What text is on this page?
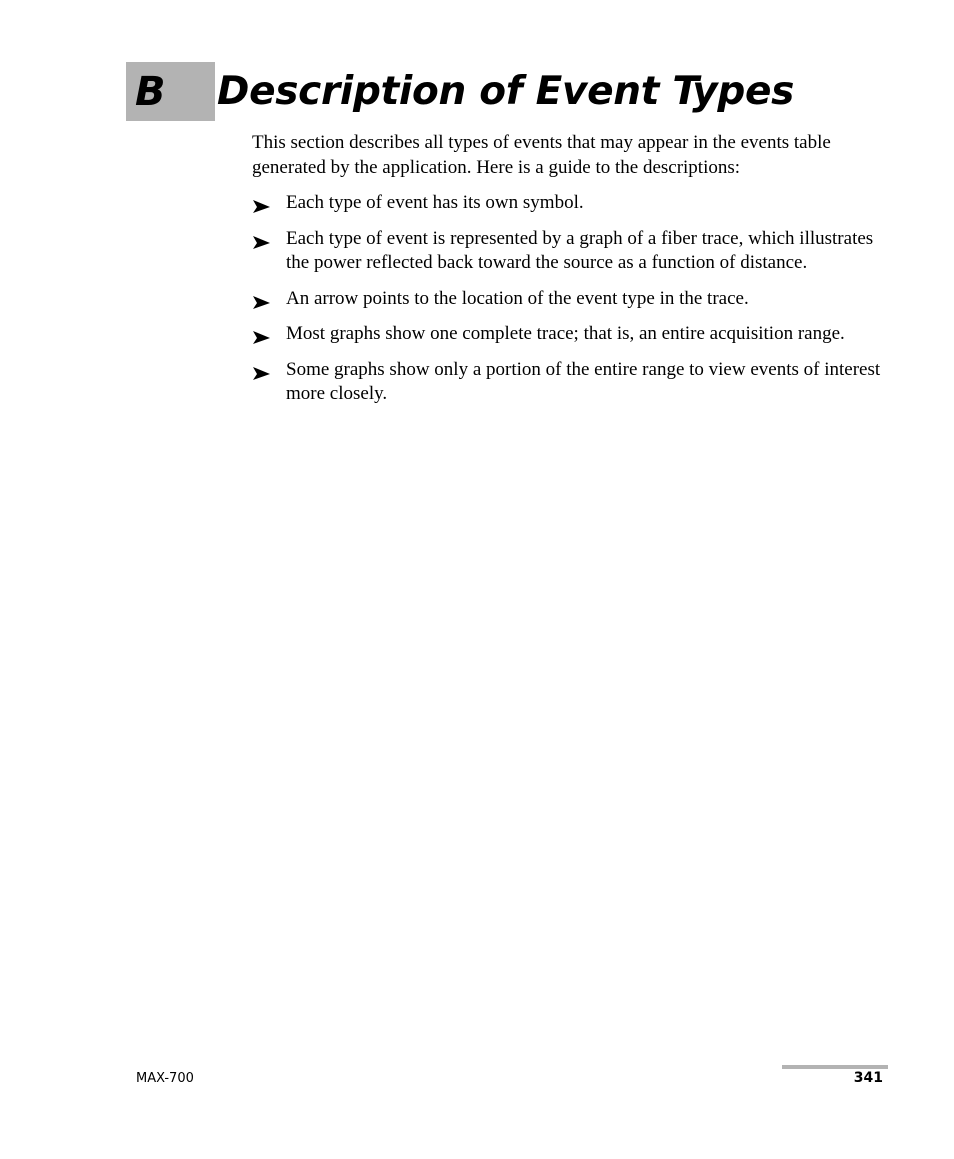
B Description of Event Types

This section describes all types of events that may appear in the events table generated by the application. Here is a guide to the descriptions:

Each type of event has its own symbol.
Each type of event is represented by a graph of a fiber trace, which illustrates the power reflected back toward the source as a function of distance.
An arrow points to the location of the event type in the trace.
Most graphs show one complete trace; that is, an entire acquisition range.
Some graphs show only a portion of the entire range to view events of interest more closely.
MAX-700	341
